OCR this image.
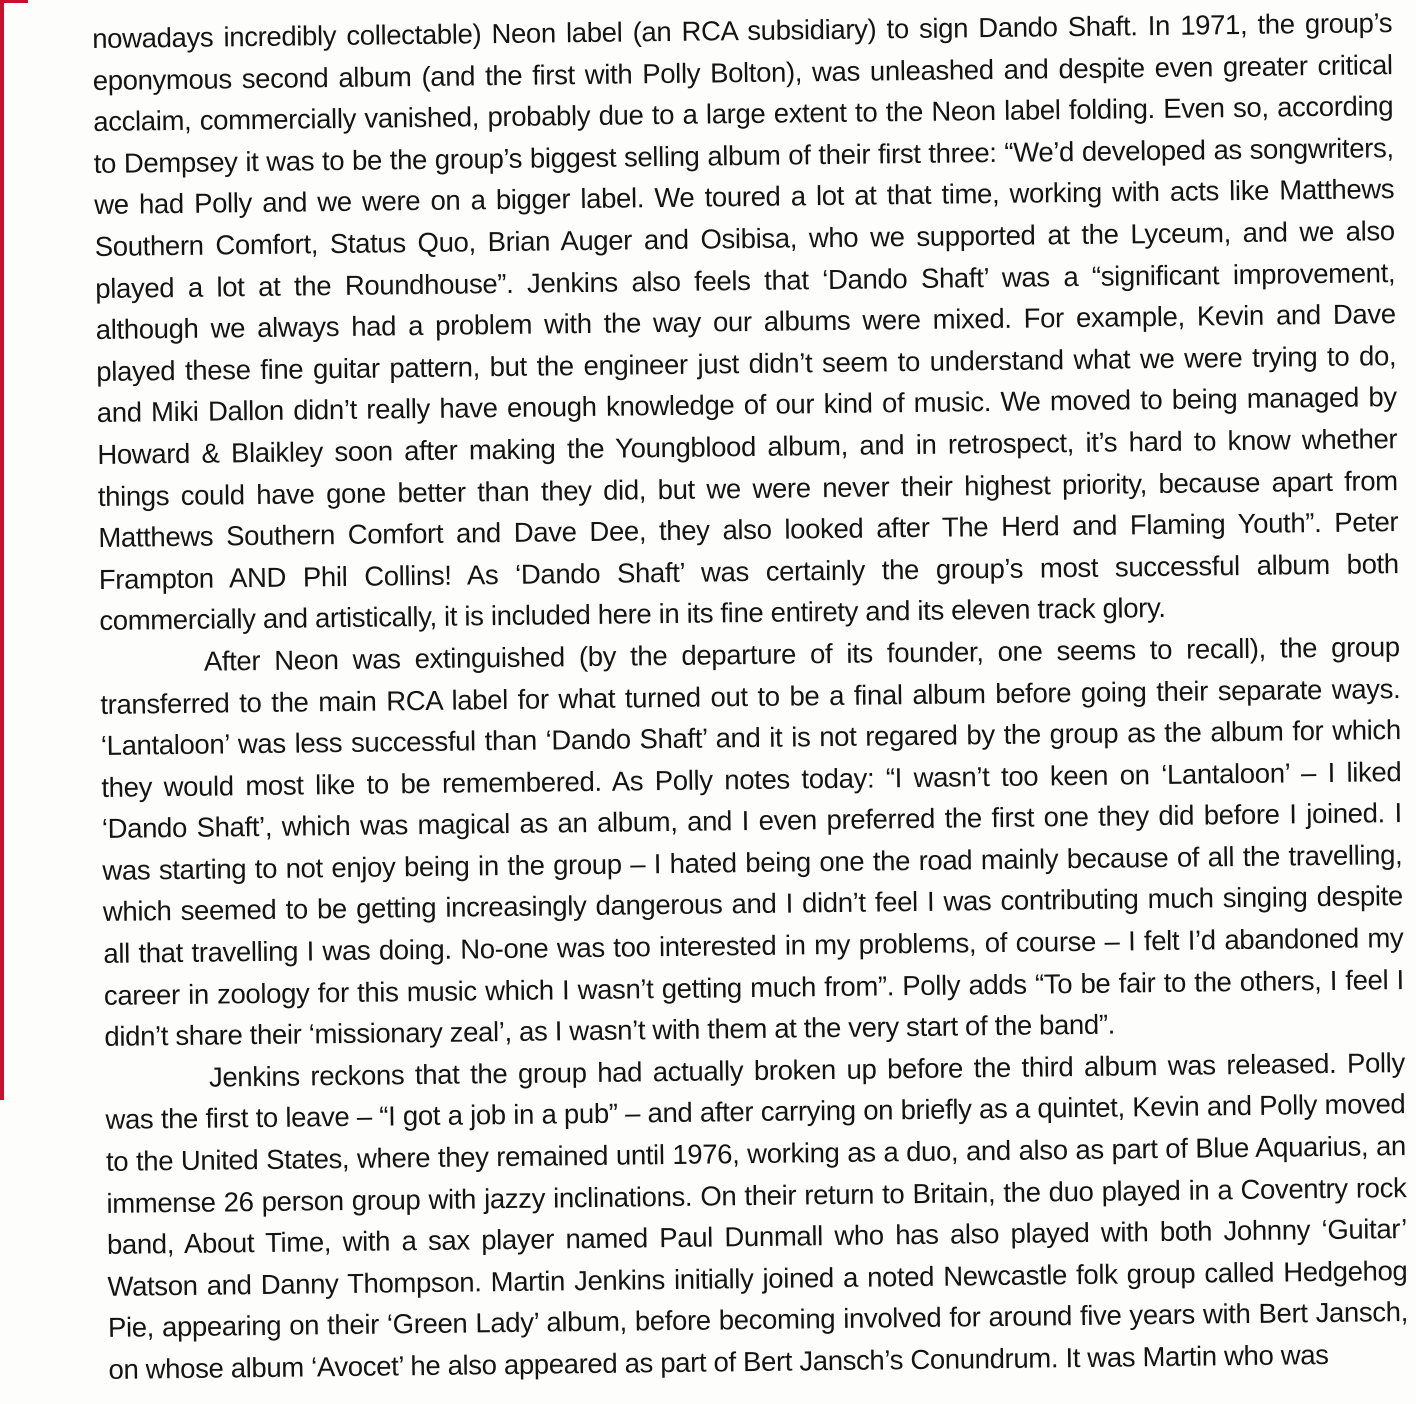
nowadays incredibly collectable) Neon label (an RCA subsidiary) to sign Dando Shaft. In 1971, the group’s eponymous second album (and the first with Polly Bolton), was unleashed and despite even greater critical acclaim, commercially vanished, probably due to a large extent to the Neon label folding. Even so, according to Dempsey it was to be the group’s biggest selling album of their first three: “We’d developed as songwriters, we had Polly and we were on a bigger label. We toured a lot at that time, working with acts like Matthews Southern Comfort, Status Quo, Brian Auger and Osibisa, who we supported at the Lyceum, and we also played a lot at the Roundhouse”. Jenkins also feels that ‘Dando Shaft’ was a “significant improvement, although we always had a problem with the way our albums were mixed. For example, Kevin and Dave played these fine guitar pattern, but the engineer just didn’t seem to understand what we were trying to do, and Miki Dallon didn’t really have enough knowledge of our kind of music. We moved to being managed by Howard & Blaikley soon after making the Youngblood album, and in retrospect, it’s hard to know whether things could have gone better than they did, but we were never their highest priority, because apart from Matthews Southern Comfort and Dave Dee, they also looked after The Herd and Flaming Youth”. Peter Frampton AND Phil Collins! As ‘Dando Shaft’ was certainly the group’s most successful album both commercially and artistically, it is included here in its fine entirety and its eleven track glory.

After Neon was extinguished (by the departure of its founder, one seems to recall), the group transferred to the main RCA label for what turned out to be a final album before going their separate ways. ‘Lantaloon’ was less successful than ‘Dando Shaft’ and it is not regared by the group as the album for which they would most like to be remembered. As Polly notes today: “I wasn’t too keen on ‘Lantaloon’ – I liked ‘Dando Shaft’, which was magical as an album, and I even preferred the first one they did before I joined. I was starting to not enjoy being in the group – I hated being one the road mainly because of all the travelling, which seemed to be getting increasingly dangerous and I didn’t feel I was contributing much singing despite all that travelling I was doing. No-one was too interested in my problems, of course – I felt I’d abandoned my career in zoology for this music which I wasn’t getting much from”. Polly adds “To be fair to the others, I feel I didn’t share their ‘missionary zeal’, as I wasn’t with them at the very start of the band”.

Jenkins reckons that the group had actually broken up before the third album was released. Polly was the first to leave – “I got a job in a pub” – and after carrying on briefly as a quintet, Kevin and Polly moved to the United States, where they remained until 1976, working as a duo, and also as part of Blue Aquarius, an immense 26 person group with jazzy inclinations. On their return to Britain, the duo played in a Coventry rock band, About Time, with a sax player named Paul Dunmall who has also played with both Johnny ‘Guitar’ Watson and Danny Thompson. Martin Jenkins initially joined a noted Newcastle folk group called Hedgehog Pie, appearing on their ‘Green Lady’ album, before becoming involved for around five years with Bert Jansch, on whose album ‘Avocet’ he also appeared as part of Bert Jansch’s Conundrum. It was Martin who was
